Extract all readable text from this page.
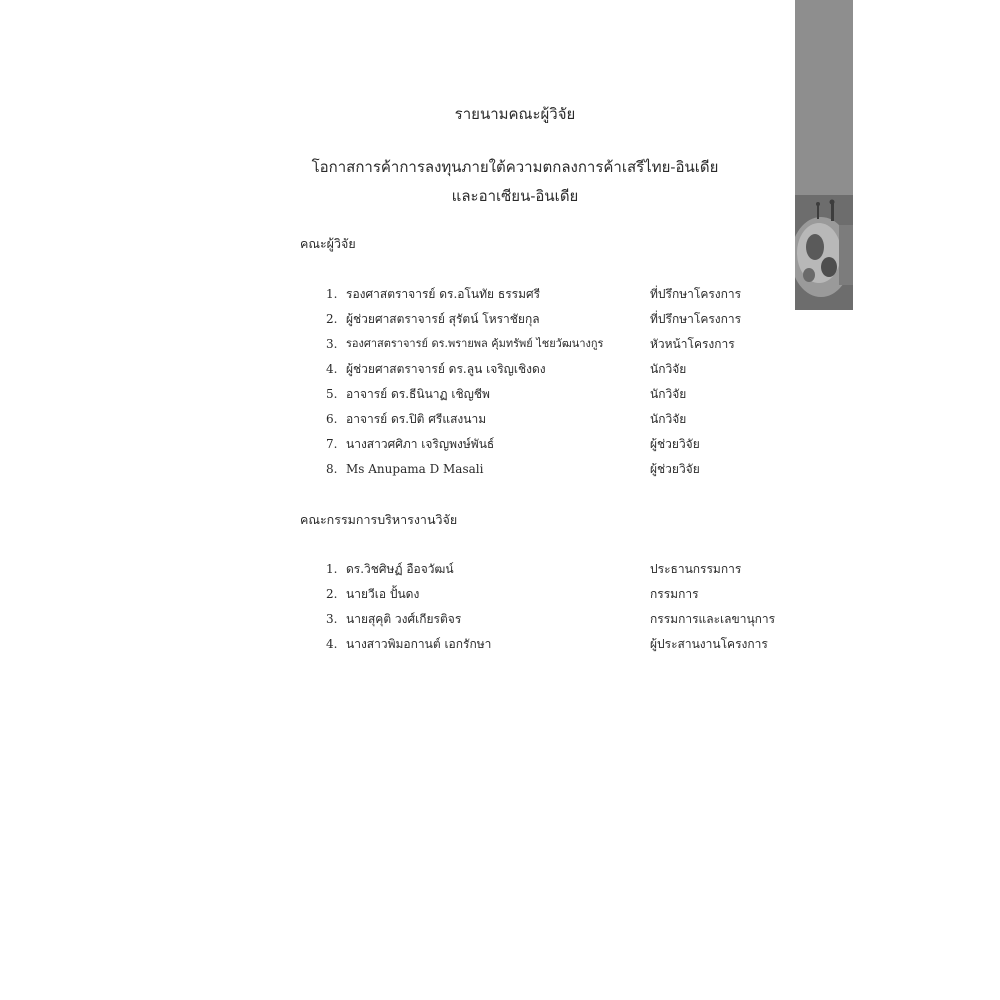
รายนามคณะผู้วิจัย
โอกาสการค้าการลงทุนภายใต้ความตกลงการค้าเสรีไทย-อินเดีย
และอาเซียน-อินเดีย
คณะผู้วิจัย
1. รองศาสตราจารย์ ดร.อโนทัย ธรรมศรี	ที่ปรึกษาโครงการ
2. ผู้ช่วยศาสตราจารย์ สุรัตน์ โหราชัยกุล	ที่ปรึกษาโครงการ
3. รองศาสตราจารย์ ดร.พรายพล คุ้มทรัพย์ ไชยวัฒนางกูร	หัวหน้าโครงการ
4. ผู้ช่วยศาสตราจารย์ ดร.ลูน เจริญเชิงดง	นักวิจัย
5. อาจารย์ ดร.ธีนินาฏ เชิญชีพ	นักวิจัย
6. อาจารย์ ดร.ปิติ ศรีแสงนาม	นักวิจัย
7. นางสาวศศิภา เจริญพงษ์พันธ์	ผู้ช่วยวิจัย
8. Ms Anupama D Masali	ผู้ช่วยวิจัย
คณะกรรมการบริหารงานวิจัย
1. ดร.วิชศิษฏ์ อือจวัฒน์	ประธานกรรมการ
2. นายวีเอ ปั้นดง	กรรมการ
3. นายสุคุติ วงศ์เกียรติจร	กรรมการและเลขานุการ
4. นางสาวพิมอกานต์ เอกรักษา	ผู้ประสานงานโครงการ
